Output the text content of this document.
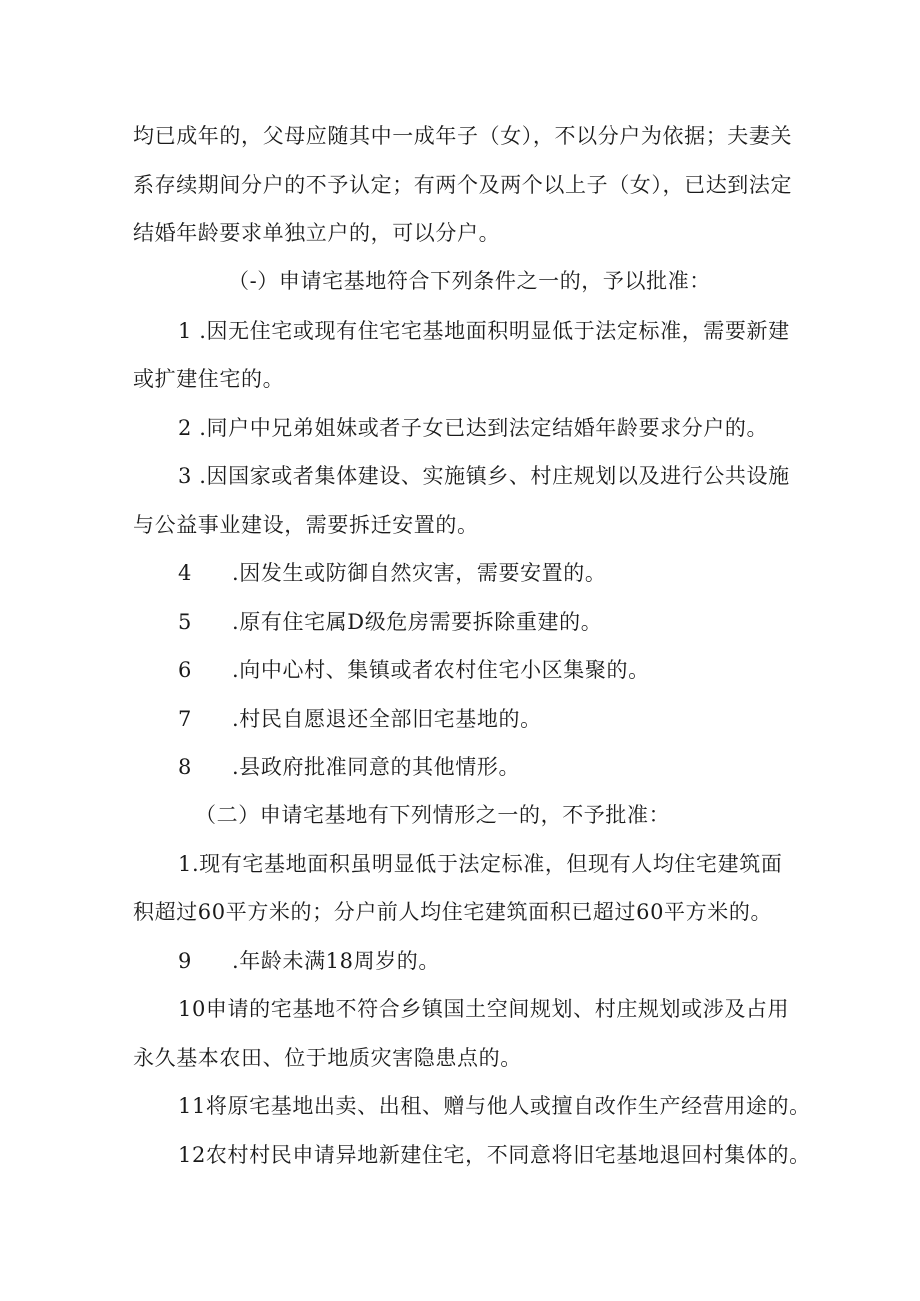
均已成年的，父母应随其中一成年子（女），不以分户为依据；夫妻关
系存续期间分户的不予认定；有两个及两个以上子（女），已达到法定
结婚年龄要求单独立户的，可以分户。
（-）申请宅基地符合下列条件之一的，予以批准：
1 .因无住宅或现有住宅宅基地面积明显低于法定标准，需要新建
或扩建住宅的。
2 .同户中兄弟姐妹或者子女已达到法定结婚年龄要求分户的。
3 .因国家或者集体建设、实施镇乡、村庄规划以及进行公共设施
与公益事业建设，需要拆迁安置的。
4 .因发生或防御自然灾害，需要安置的。
5 .原有住宅属D级危房需要拆除重建的。
6 .向中心村、集镇或者农村住宅小区集聚的。
7 .村民自愿退还全部旧宅基地的。
8 .县政府批准同意的其他情形。
（二）申请宅基地有下列情形之一的，不予批准：
1.现有宅基地面积虽明显低于法定标准，但现有人均住宅建筑面
积超过60平方米的；分户前人均住宅建筑面积已超过60平方米的。
9 .年龄未满18周岁的。
10申请的宅基地不符合乡镇国土空间规划、村庄规划或涉及占用
永久基本农田、位于地质灾害隐患点的。
11将原宅基地出卖、出租、赠与他人或擅自改作生产经营用途的。
12农村村民申请异地新建住宅，不同意将旧宅基地退回村集体的。
